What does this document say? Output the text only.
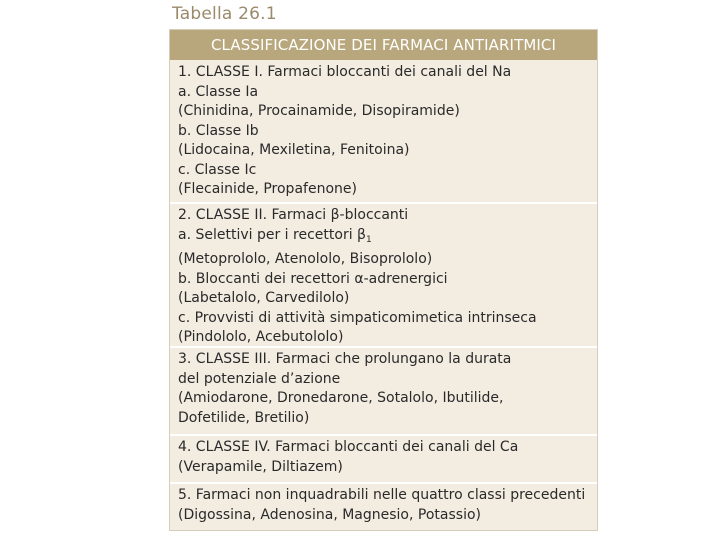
Tabella 26.1
CLASSIFICAZIONE DEI FARMACI ANTIARITMICI
1. CLASSE I. Farmaci bloccanti dei canali del Na
a. Classe Ia
(Chinidina, Procainamide, Disopiramide)
b. Classe Ib
(Lidocaina, Mexiletina, Fenitoina)
c. Classe Ic
(Flecainide, Propafenone)
2. CLASSE II. Farmaci β-bloccanti
a. Selettivi per i recettori $\beta_1$
(Metoprololo, Atenololo, Bisoprololo)
b. Bloccanti dei recettori α-adrenergici
(Labetalolo, Carvedilolo)
c. Provvisti di attività simpaticomimetica intrinseca
(Pindololo, Acebutololo)
3. CLASSE III. Farmaci che prolungano la durata
del potenziale d’azione
(Amiodarone, Dronedarone, Sotalolo, Ibutilide,
Dofetilide, Bretilio)
4. CLASSE IV. Farmaci bloccanti dei canali del Ca
(Verapamile, Diltiazem)
5. Farmaci non inquadrabili nelle quattro classi precedenti
(Digossina, Adenosina, Magnesio, Potassio)
